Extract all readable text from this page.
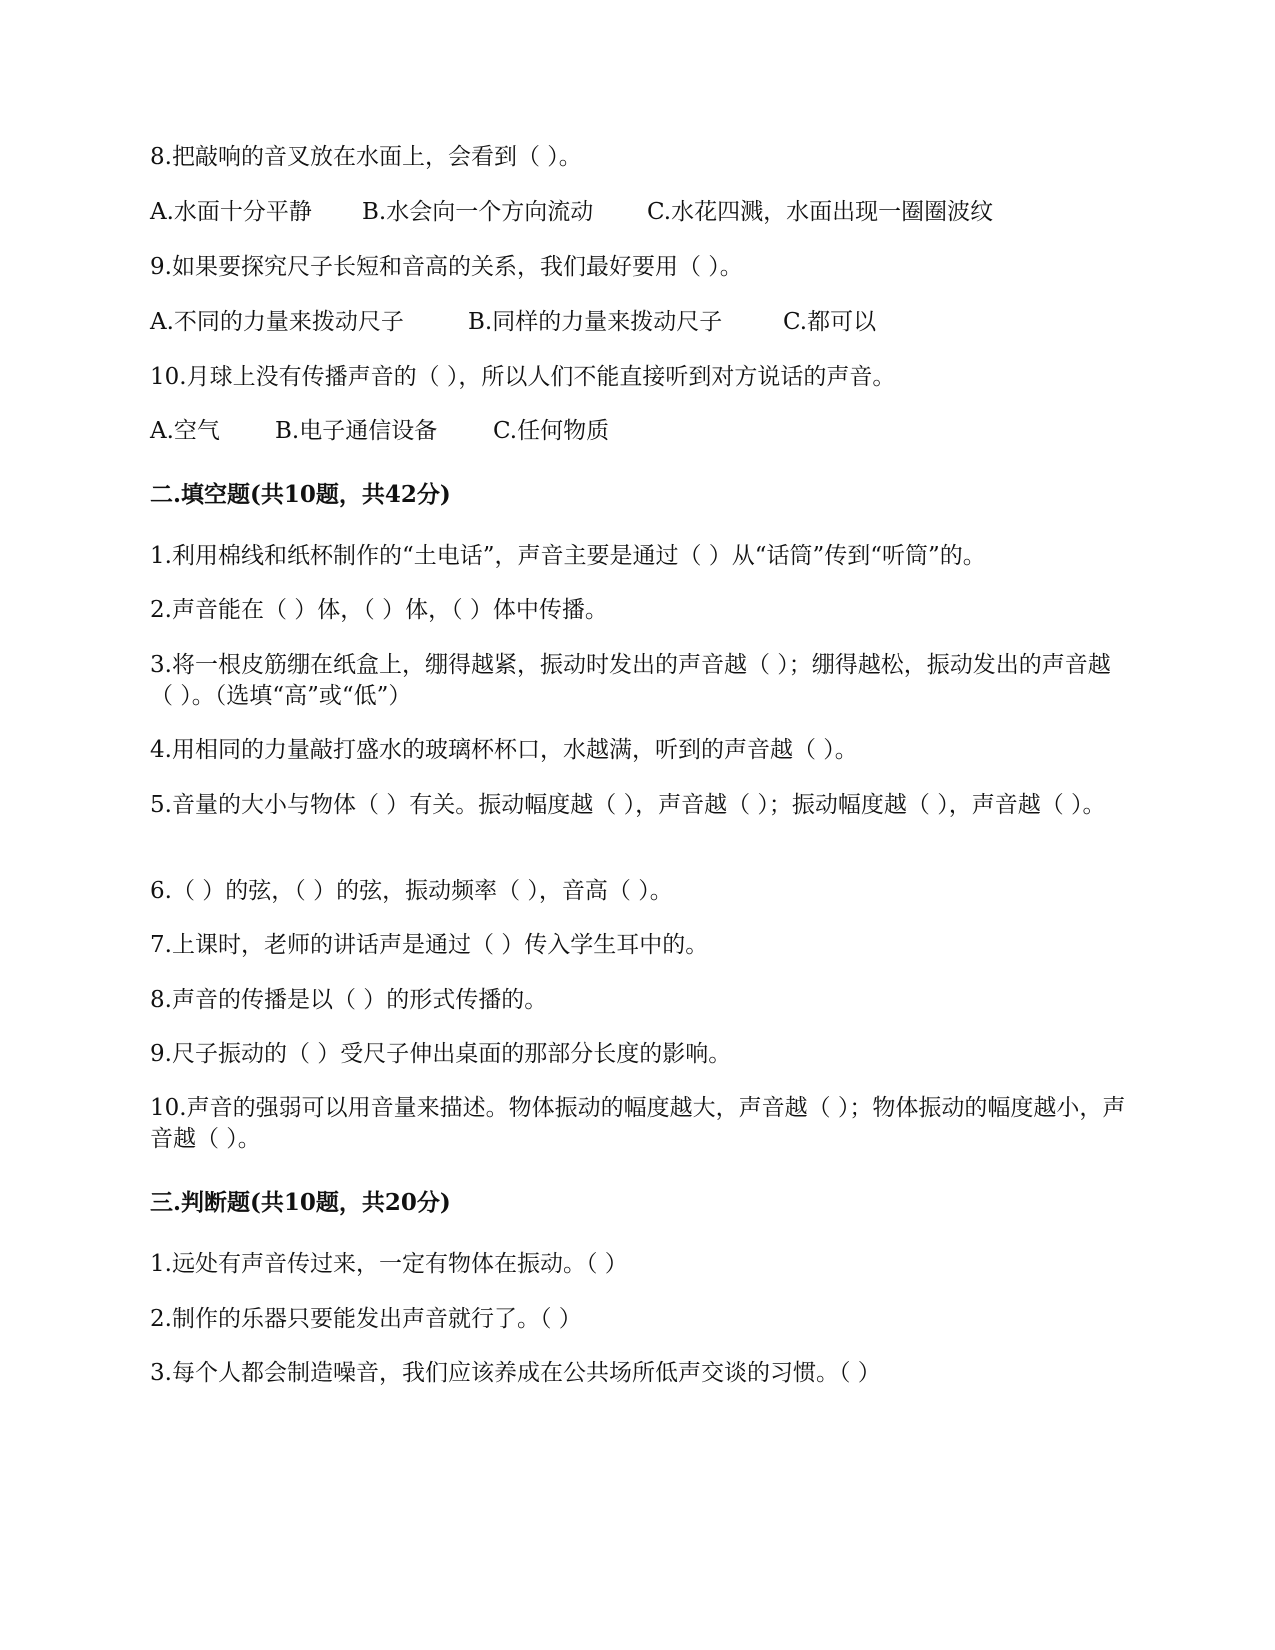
8.把敲响的音叉放在水面上，会看到（ ）。
A.水面十分平静 B.水会向一个方向流动 C.水花四溅，水面出现一圈圈波纹
9.如果要探究尺子长短和音高的关系，我们最好要用（ ）。
A.不同的力量来拨动尺子	B.同样的力量来拨动尺子	C.都可以
10.月球上没有传播声音的（ ），所以人们不能直接听到对方说话的声音。
A.空气 B.电子通信设备 C.任何物质
二.填空题(共10题，共42分)
1.利用棉线和纸杯制作的“土电话”，声音主要是通过（ ）从“话筒”传到“听筒”的。
2.声音能在（ ）体，（ ）体，（ ）体中传播。
3.将一根皮筋绷在纸盒上，绷得越紧，振动时发出的声音越（ ）；绷得越松，振动发出的声音越（ ）。（选填“高”或“低”）
4.用相同的力量敲打盛水的玻璃杯杯口，水越满，听到的声音越（ ）。
5.音量的大小与物体（ ）有关。振动幅度越（ ），声音越（ ）；振动幅度越（ ），声音越（ ）。
6.（ ）的弦，（ ）的弦，振动频率（ ），音高（ ）。
7.上课时，老师的讲话声是通过（ ）传入学生耳中的。
8.声音的传播是以（ ）的形式传播的。
9.尺子振动的（ ）受尺子伸出桌面的那部分长度的影响。
10.声音的强弱可以用音量来描述。物体振动的幅度越大，声音越（ ）；物体振动的幅度越小，声音越（ ）。
三.判断题(共10题，共20分)
1.远处有声音传过来，一定有物体在振动。（ ）
2.制作的乐器只要能发出声音就行了。（ ）
3.每个人都会制造噪音，我们应该养成在公共场所低声交谈的习惯。（ ）
